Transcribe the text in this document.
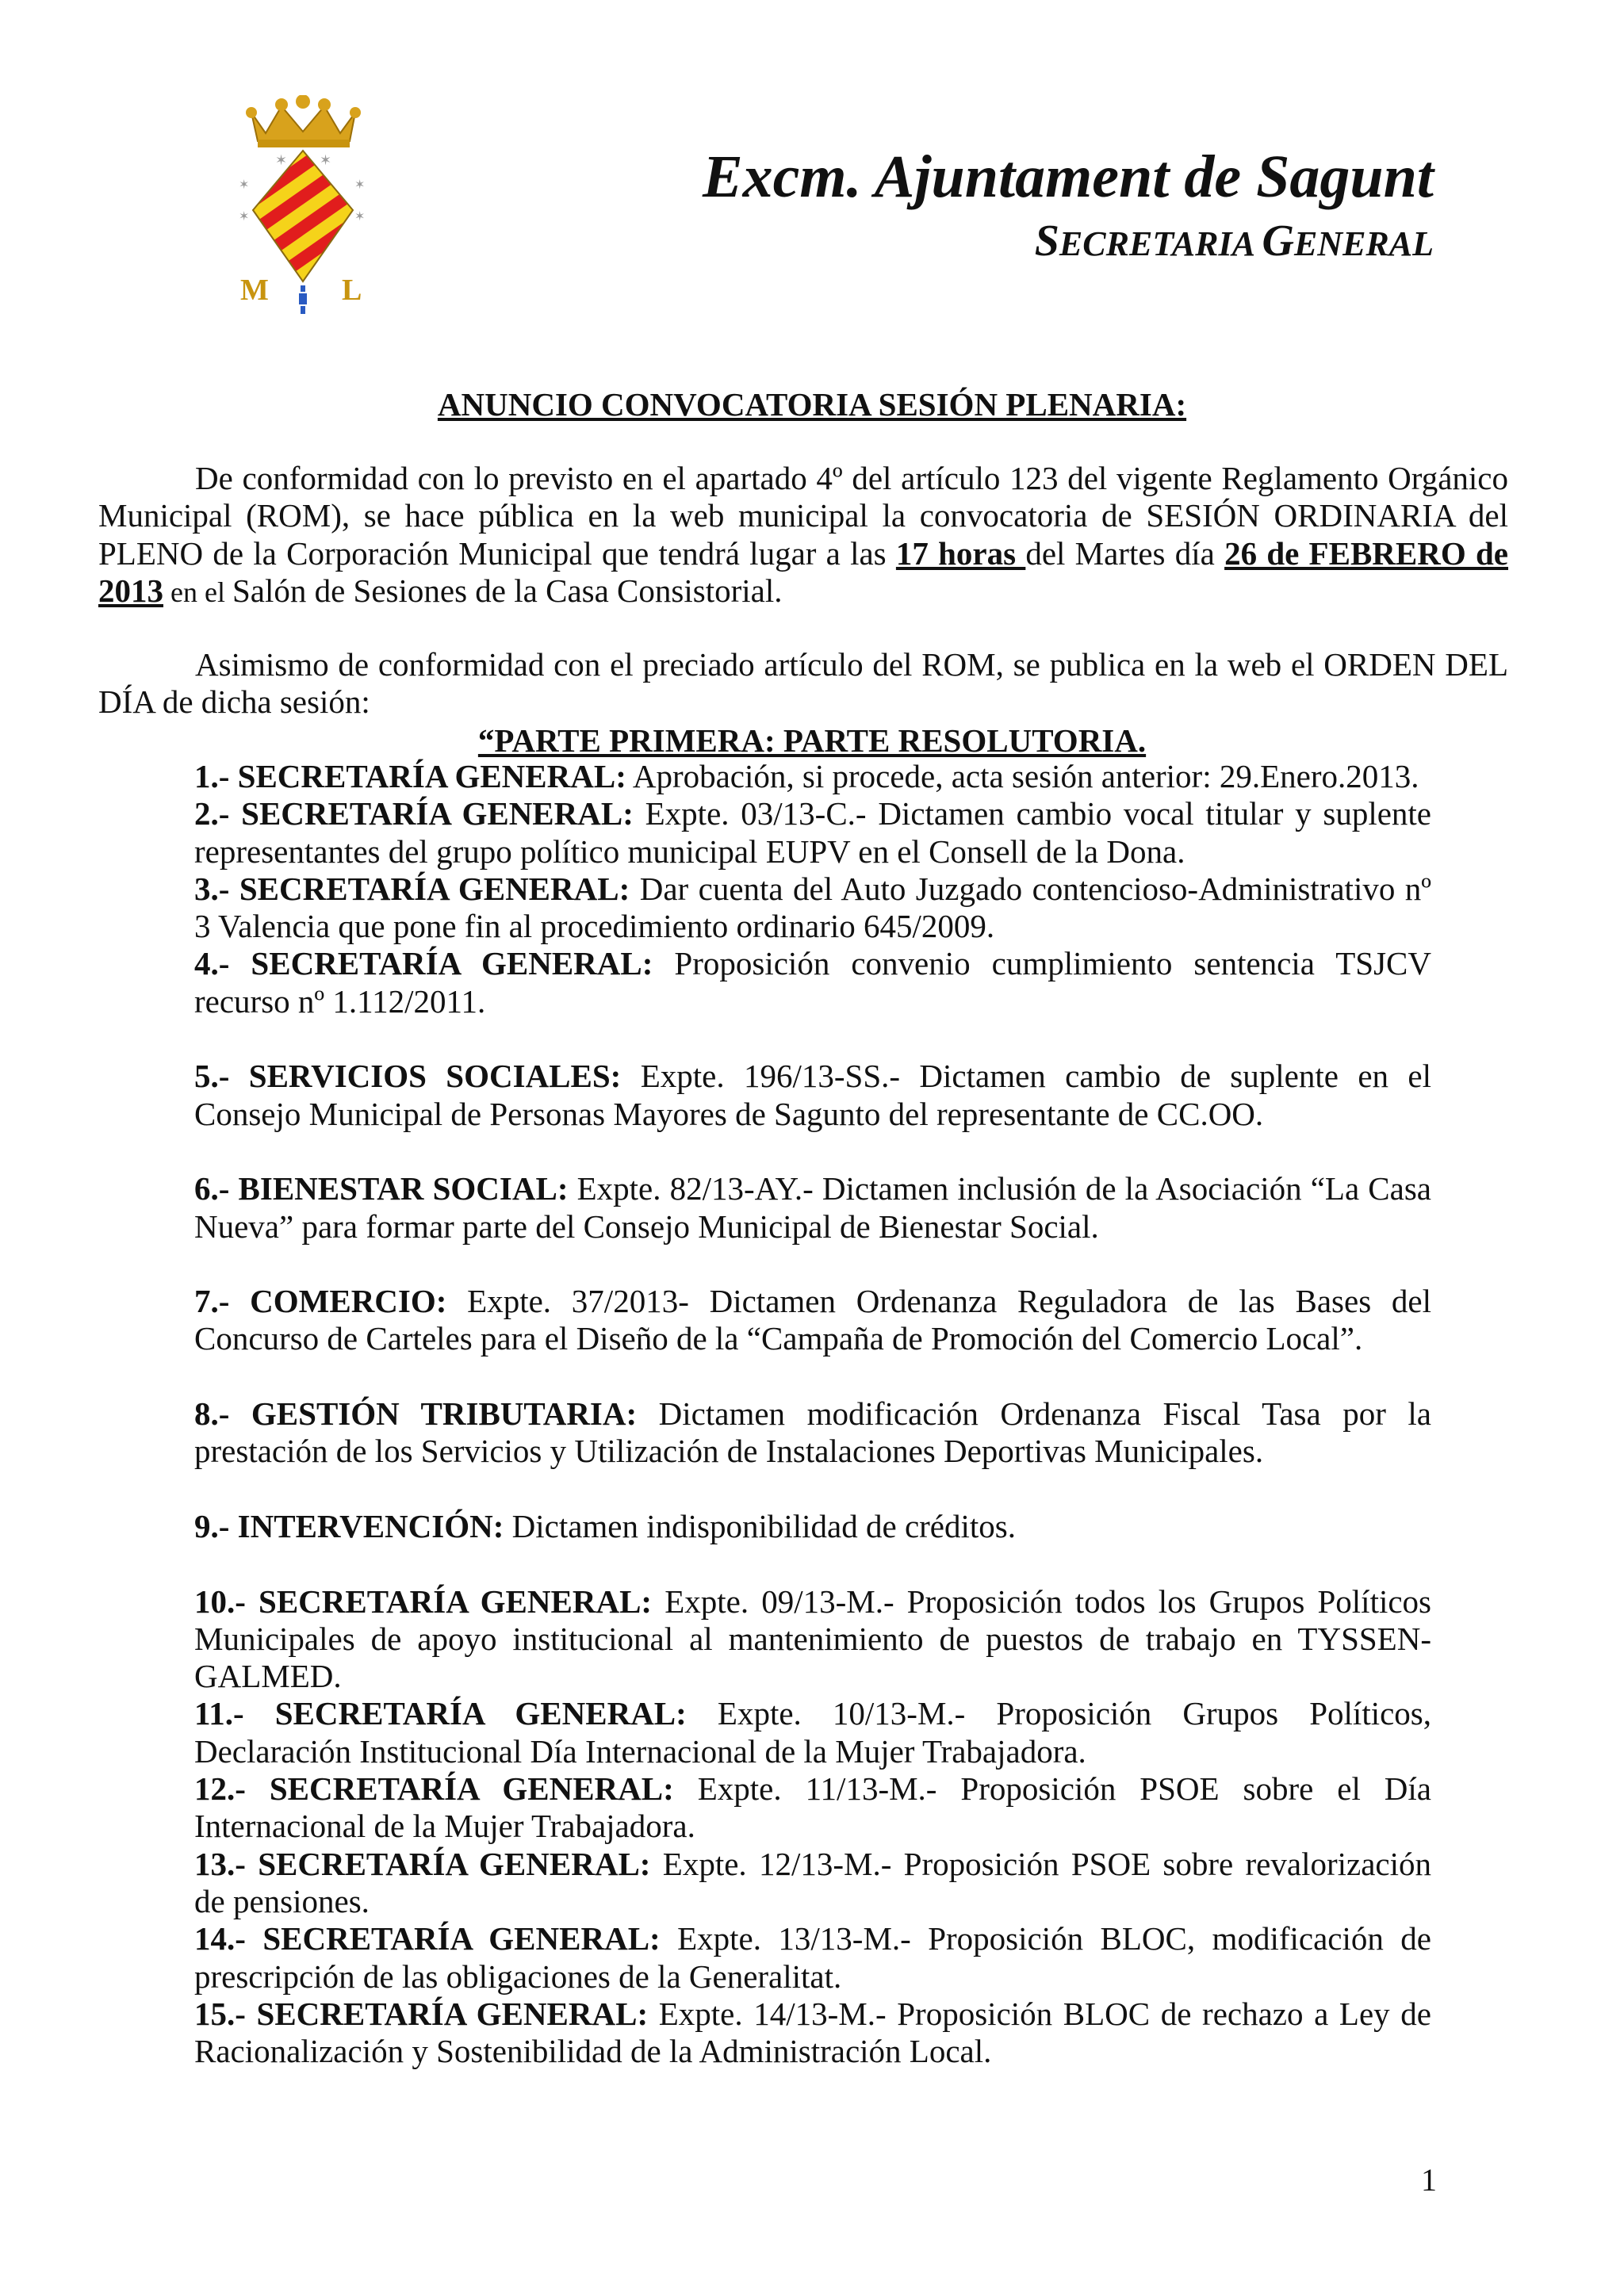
✶ ✶
✶	✶
✶	✶
M L
Excm. Ajuntament de Sagunt
SECRETARIA GENERAL
ANUNCIO CONVOCATORIA SESIÓN PLENARIA:

De conformidad con lo previsto en el apartado 4º del artículo 123 del vigente Reglamento Orgánico Municipal (ROM), se hace pública en la web municipal la convocatoria de SESIÓN ORDINARIA del PLENO de la Corporación Municipal que tendrá lugar a las 17 horas del Martes día 26 de FEBRERO de 2013 en el Salón de Sesiones de la Casa Consistorial.

Asimismo de conformidad con el preciado artículo del ROM, se publica en la web el ORDEN DEL DÍA de dicha sesión:

“PARTE PRIMERA: PARTE RESOLUTORIA.

1.- SECRETARÍA GENERAL: Aprobación, si procede, acta sesión anterior: 29.Enero.2013.

2.- SECRETARÍA GENERAL: Expte. 03/13-C.- Dictamen cambio vocal titular y suplente representantes del grupo político municipal EUPV en el Consell de la Dona.

3.- SECRETARÍA GENERAL: Dar cuenta del Auto Juzgado contencioso-Administrativo nº 3 Valencia que pone fin al procedimiento ordinario 645/2009.

4.- SECRETARÍA GENERAL: Proposición convenio cumplimiento sentencia TSJCV recurso nº 1.112/2011.

5.- SERVICIOS SOCIALES: Expte. 196/13-SS.- Dictamen cambio de suplente en el Consejo Municipal de Personas Mayores de Sagunto del representante de CC.OO.

6.- BIENESTAR SOCIAL: Expte. 82/13-AY.- Dictamen inclusión de la Asociación “La Casa Nueva” para formar parte del Consejo Municipal de Bienestar Social.

7.- COMERCIO: Expte. 37/2013- Dictamen Ordenanza Reguladora de las Bases del Concurso de Carteles para el Diseño de la “Campaña de Promoción del Comercio Local”.

8.- GESTIÓN TRIBUTARIA: Dictamen modificación Ordenanza Fiscal Tasa por la prestación de los Servicios y Utilización de Instalaciones Deportivas Municipales.

9.- INTERVENCIÓN: Dictamen indisponibilidad de créditos.

10.- SECRETARÍA GENERAL: Expte. 09/13-M.- Proposición todos los Grupos Políticos Municipales de apoyo institucional al mantenimiento de puestos de trabajo en TYSSEN-GALMED.

11.- SECRETARÍA GENERAL: Expte. 10/13-M.- Proposición Grupos Políticos, Declaración Institucional Día Internacional de la Mujer Trabajadora.

12.- SECRETARÍA GENERAL: Expte. 11/13-M.- Proposición PSOE sobre el Día Internacional de la Mujer Trabajadora.

13.- SECRETARÍA GENERAL: Expte. 12/13-M.- Proposición PSOE sobre revalorización de pensiones.

14.- SECRETARÍA GENERAL: Expte. 13/13-M.- Proposición BLOC, modificación de prescripción de las obligaciones de la Generalitat.

15.- SECRETARÍA GENERAL: Expte. 14/13-M.- Proposición BLOC de rechazo a Ley de Racionalización y Sostenibilidad de la Administración Local.

1
